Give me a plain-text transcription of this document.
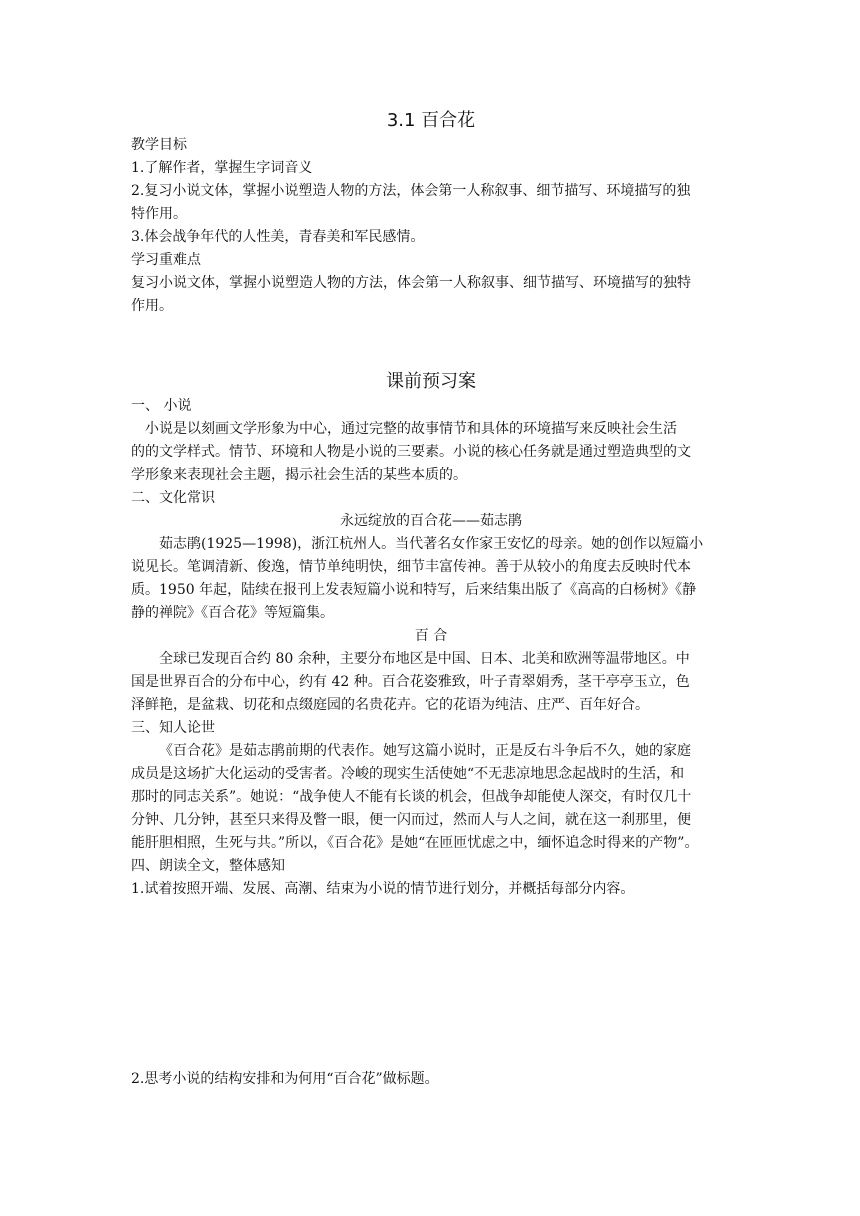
3.1 百合花
教学目标
1.了解作者，掌握生字词音义
2.复习小说文体，掌握小说塑造人物的方法，体会第一人称叙事、细节描写、环境描写的独
特作用。
3.体会战争年代的人性美，青春美和军民感情。
学习重难点
复习小说文体，掌握小说塑造人物的方法，体会第一人称叙事、细节描写、环境描写的独特
作用。
课前预习案
一、 小说
小说是以刻画文学形象为中心，通过完整的故事情节和具体的环境描写来反映社会生活
的的文学样式。情节、环境和人物是小说的三要素。小说的核心任务就是通过塑造典型的文
学形象来表现社会主题，揭示社会生活的某些本质的。
二、文化常识
永远绽放的百合花——茹志鹃
茹志鹃(1925—1998)，浙江杭州人。当代著名女作家王安忆的母亲。她的创作以短篇小
说见长。笔调清新、俊逸，情节单纯明快，细节丰富传神。善于从较小的角度去反映时代本
质。1950 年起，陆续在报刊上发表短篇小说和特写，后来结集出版了《高高的白杨树》《静
静的禅院》《百合花》等短篇集。
百 合
全球已发现百合约 80 余种，主要分布地区是中国、日本、北美和欧洲等温带地区。中
国是世界百合的分布中心，约有 42 种。百合花姿雅致，叶子青翠娟秀，茎干亭亭玉立，色
泽鲜艳，是盆栽、切花和点缀庭园的名贵花卉。它的花语为纯洁、庄严、百年好合。
三、知人论世
《百合花》是茹志鹃前期的代表作。她写这篇小说时，正是反右斗争后不久，她的家庭
成员是这场扩大化运动的受害者。冷峻的现实生活使她“不无悲凉地思念起战时的生活，和
那时的同志关系”。她说：“战争使人不能有长谈的机会，但战争却能使人深交，有时仅几十
分钟、几分钟，甚至只来得及瞥一眼，便一闪而过，然而人与人之间，就在这一刹那里，便
能肝胆相照，生死与共。”所以，《百合花》是她“在匝匝忧虑之中，缅怀追念时得来的产物”。
四、朗读全文，整体感知
1.试着按照开端、发展、高潮、结束为小说的情节进行划分，并概括每部分内容。
2.思考小说的结构安排和为何用“百合花”做标题。
